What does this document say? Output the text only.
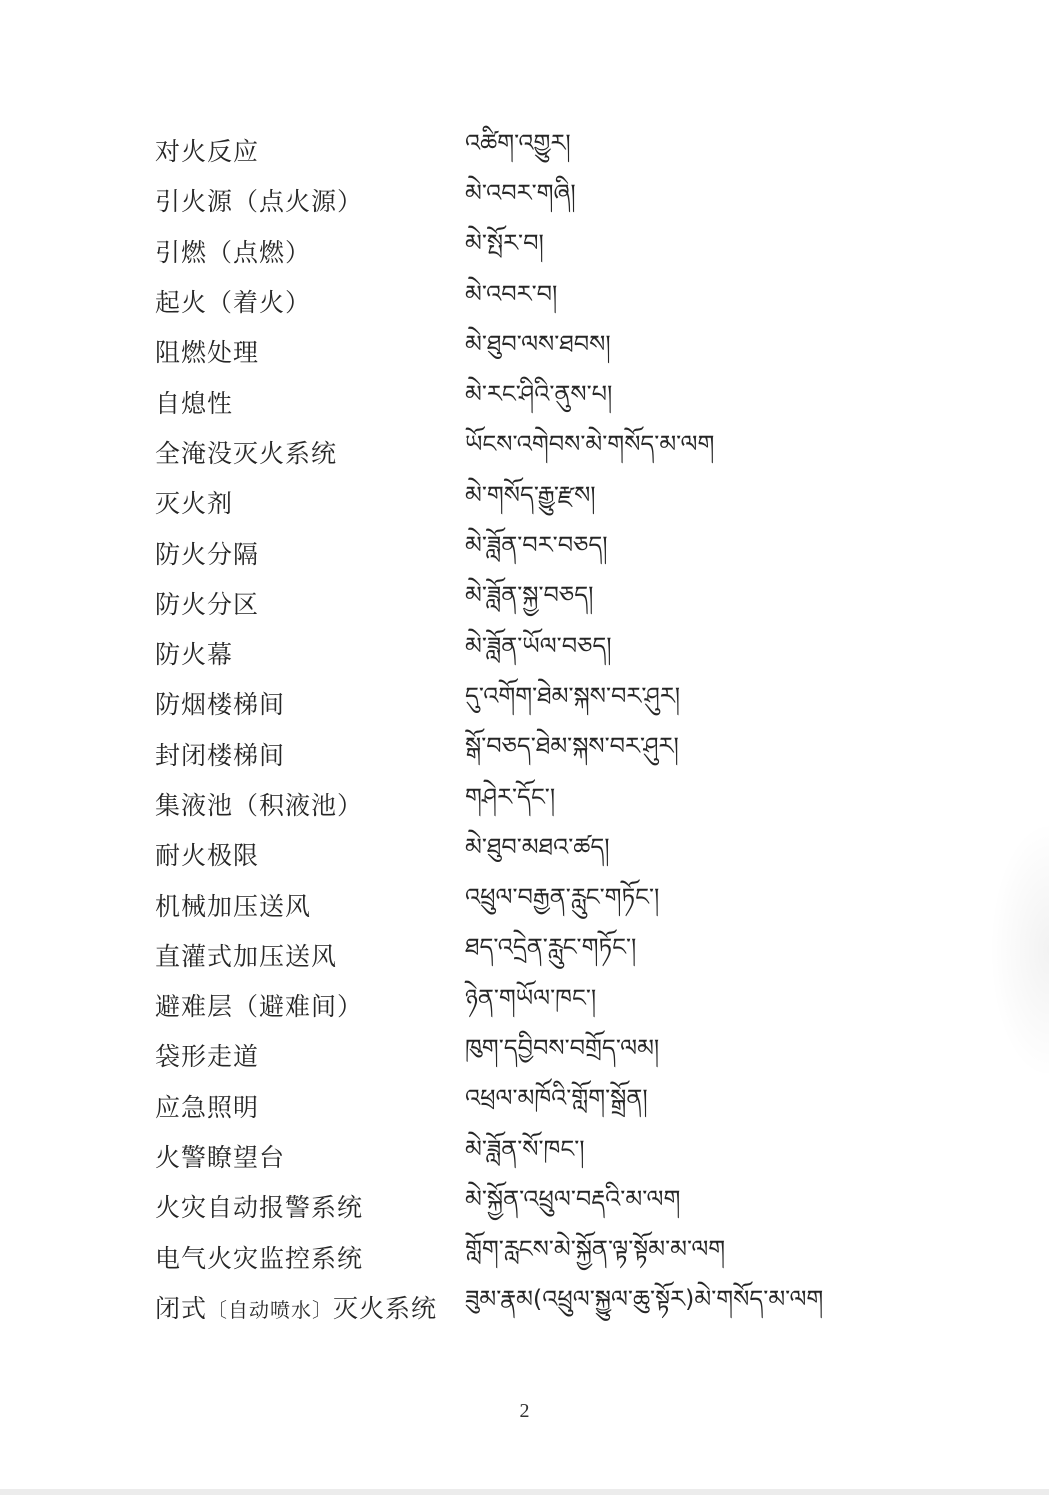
对火反应	འཚིག་འགྱུར།
引火源（点火源）	མེ་འབར་གཞི།
引燃（点燃）	མེ་སྤོར་བ།
起火（着火）	མེ་འབར་བ།
阻燃处理	མེ་ཐུབ་ལས་ཐབས།
自熄性	མེ་རང་ཤིའི་ནུས་པ།
全淹没灭火系统	ཡོངས་འགེབས་མེ་གསོད་མ་ལག
灭火剂	མེ་གསོད་རྒྱུ་རྫས།
防火分隔	མེ་ཟློན་བར་བཅད།
防火分区	མེ་ཟློན་སྐྱ་བཅད།
防火幕	མེ་ཟློན་ཡོལ་བཅད།
防烟楼梯间	དུ་འགོག་ཐེམ་སྐས་བར་ཤུར།
封闭楼梯间	སྒོ་བཅད་ཐེམ་སྐས་བར་ཤུར།
集液池（积液池）	གཤེར་དོང་།
耐火极限	མེ་ཐུབ་མཐའ་ཚད།
机械加压送风	འཕྲུལ་བརྒྱན་རླུང་གཏོང་།
直灌式加压送风	ཐད་འདྲེན་རླུང་གཏོང་།
避难层（避难间）	ཉེན་གཡོལ་ཁང་།
袋形走道	ཁུག་དབྱིབས་བགྲོད་ལམ།
应急照明	འཕྲལ་མཁོའི་གློག་སྒྲོན།
火警瞭望台	མེ་ཟློན་སོ་ཁང་།
火灾自动报警系统	མེ་སྐྱོན་འཕྲུལ་བརྡའི་མ་ལག
电气火灾监控系统	གློག་རླངས་མེ་སྐྱོན་ལྟ་སྟོམ་མ་ལག
闭式〔自动喷水〕灭火系统	ཟུམ་རྣམ(འཕྲུལ་སྐྱུལ་ཆུ་སྟོར)མེ་གསོད་མ་ལག
2
